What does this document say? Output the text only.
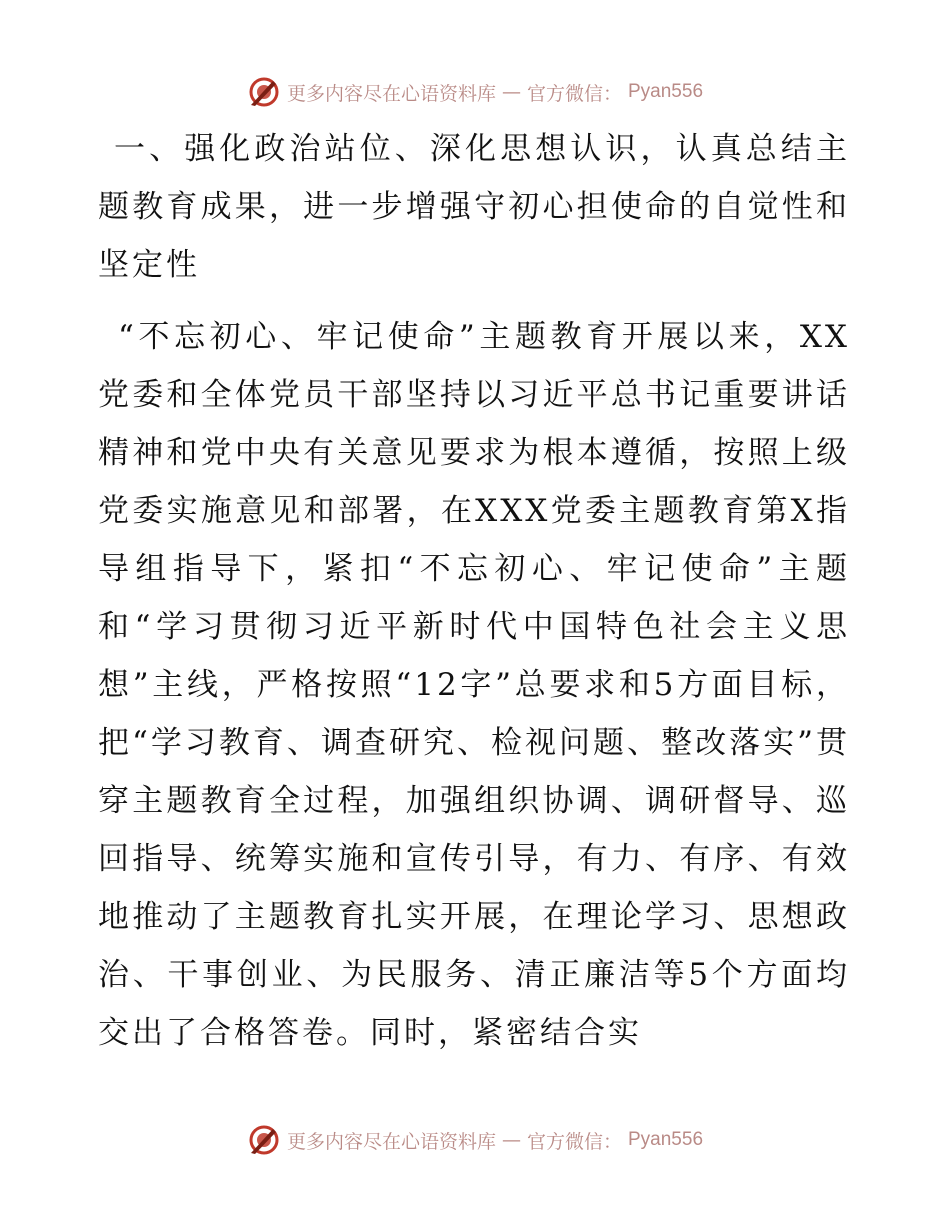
更多内容尽在心语资料库 — 官方微信： Pyan556

一、强化政治站位、深化思想认识，认真总结主题教育成果，进一步增强守初心担使命的自觉性和坚定性

“不忘初心、牢记使命”主题教育开展以来，XX党委和全体党员干部坚持以习近平总书记重要讲话精神和党中央有关意见要求为根本遵循，按照上级党委实施意见和部署，在XXX党委主题教育第X指导组指导下，紧扣“不忘初心、牢记使命”主题和“学习贯彻习近平新时代中国特色社会主义思想”主线，严格按照“12字”总要求和5方面目标，把“学习教育、调查研究、检视问题、整改落实”贯穿主题教育全过程，加强组织协调、调研督导、巡回指导、统筹实施和宣传引导，有力、有序、有效地推动了主题教育扎实开展，在理论学习、思想政治、干事创业、为民服务、清正廉洁等5个方面均交出了合格答卷。同时，紧密结合实

更多内容尽在心语资料库 — 官方微信： Pyan556
